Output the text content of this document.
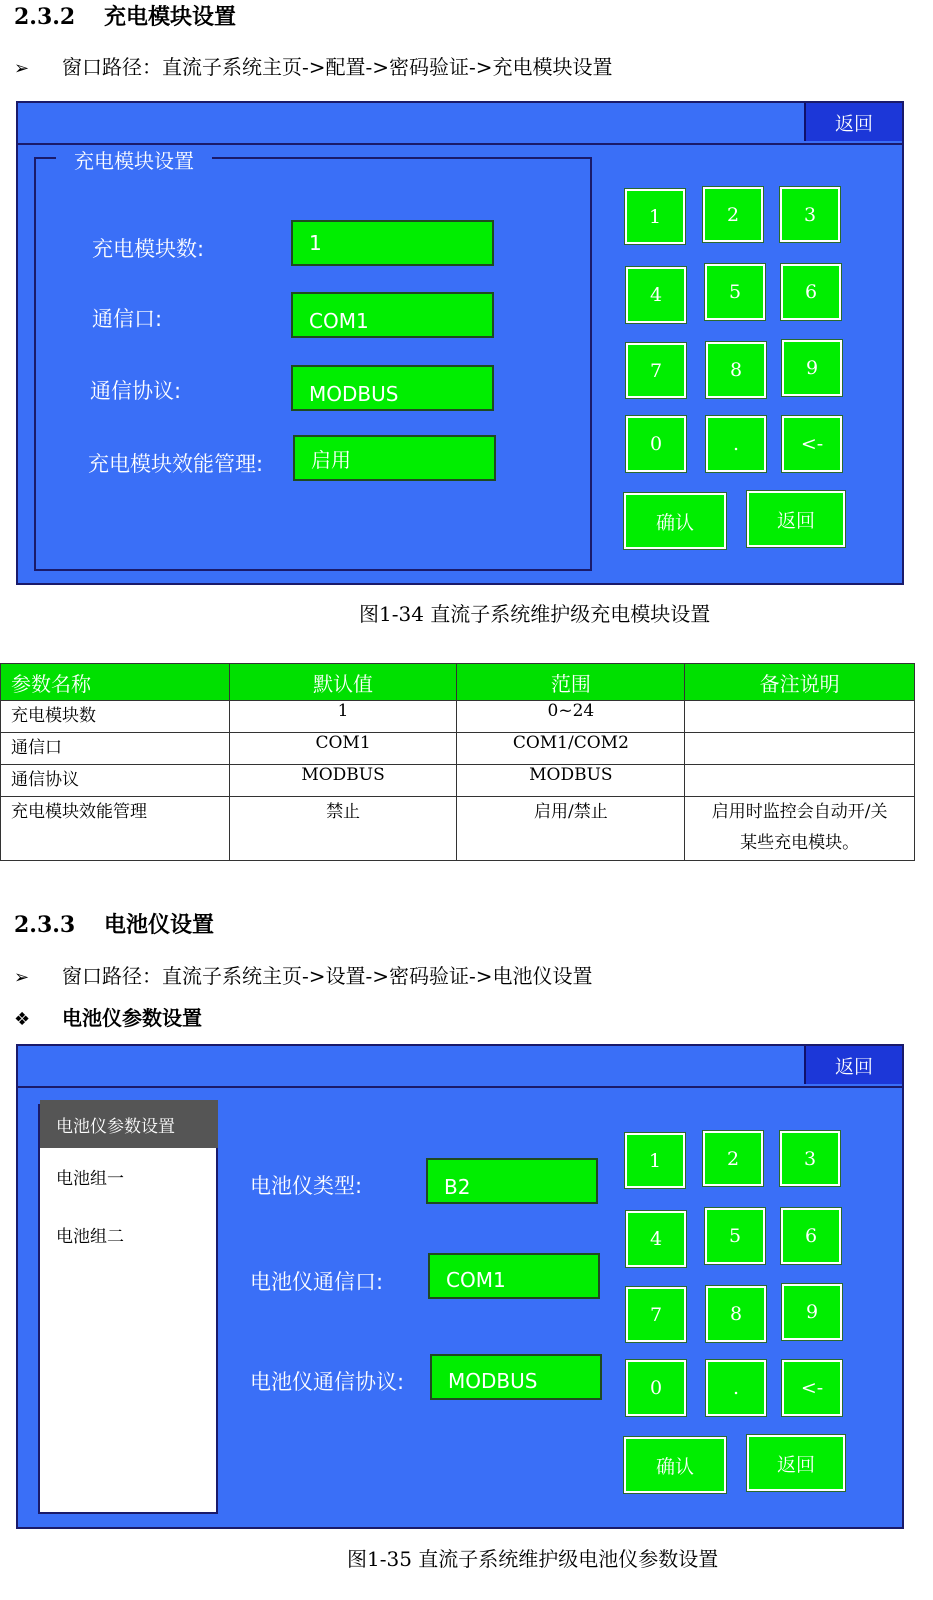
2.3.2 充电模块设置
➢ 窗口路径：直流子系统主页->配置->密码验证->充电模块设置
返回
充电模块设置
充电模块数:	1
通信口:	COM1
通信协议:	MODBUS
充电模块效能管理:	启用
1	2	3
4	5	6
7	8	9
0	.	<-
确认	返回
图1-34 直流子系统维护级充电模块设置
参数名称	默认值	范围	备注说明
充电模块数	1	0~24	
通信口	COM1	COM1/COM2	
通信协议	MODBUS	MODBUS	
充电模块效能管理	禁止	启用/禁止	启用时监控会自动开/关
某些充电模块。
2.3.3 电池仪设置
➢ 窗口路径：直流子系统主页->设置->密码验证->电池仪设置
❖ 电池仪参数设置
返回
电池仪参数设置
电池组一
电池组二
电池仪类型:	B2
电池仪通信口:	COM1
电池仪通信协议:	MODBUS
1	2	3
4	5	6
7	8	9
0	.	<-
确认	返回
图1-35 直流子系统维护级电池仪参数设置
